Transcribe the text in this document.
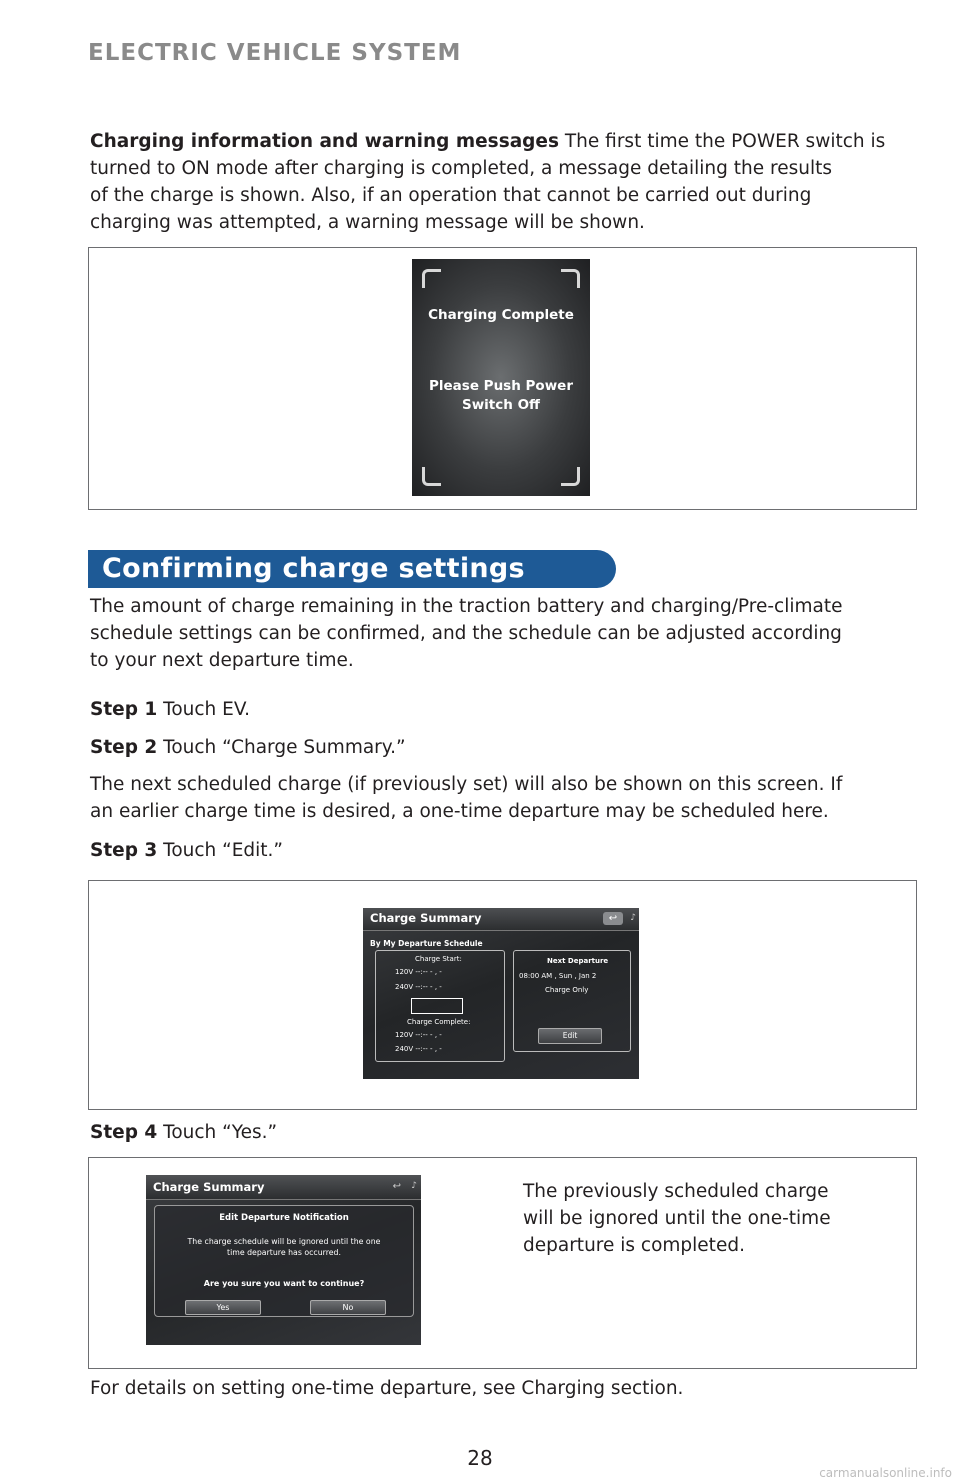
ELECTRIC VEHICLE SYSTEM
Charging information and warning messages The first time the POWER switch is
turned to ON mode after charging is completed, a message detailing the results
of the charge is shown. Also, if an operation that cannot be carried out during
charging was attempted, a warning message will be shown.
Charging Complete
Please Push Power
Switch Off
Confirming charge settings
The amount of charge remaining in the traction battery and charging/Pre-climate
schedule settings can be confirmed, and the schedule can be adjusted according
to your next departure time.
Step 1 Touch EV.
Step 2 Touch “Charge Summary.”
The next scheduled charge (if previously set) will also be shown on this screen. If
an earlier charge time is desired, a one-time departure may be scheduled here.
Step 3 Touch “Edit.”
Charge Summary	↩	♪
By My Departure Schedule
Charge Start:
120V --:-- - , -
240V --:-- - , -
Charge Complete:
120V --:-- - , -
240V --:-- - , -
Next Departure
08:00 AM , Sun , Jan 2
Charge Only
Edit
Step 4 Touch “Yes.”
Charge Summary	↩ ♪
Edit Departure Notification
The charge schedule will be ignored until the one
time departure has occurred.
Are you sure you want to continue?
Yes	No
The previously scheduled charge
will be ignored until the one-time
departure is completed.
For details on setting one-time departure, see Charging section.
28
carmanualsonline.info
